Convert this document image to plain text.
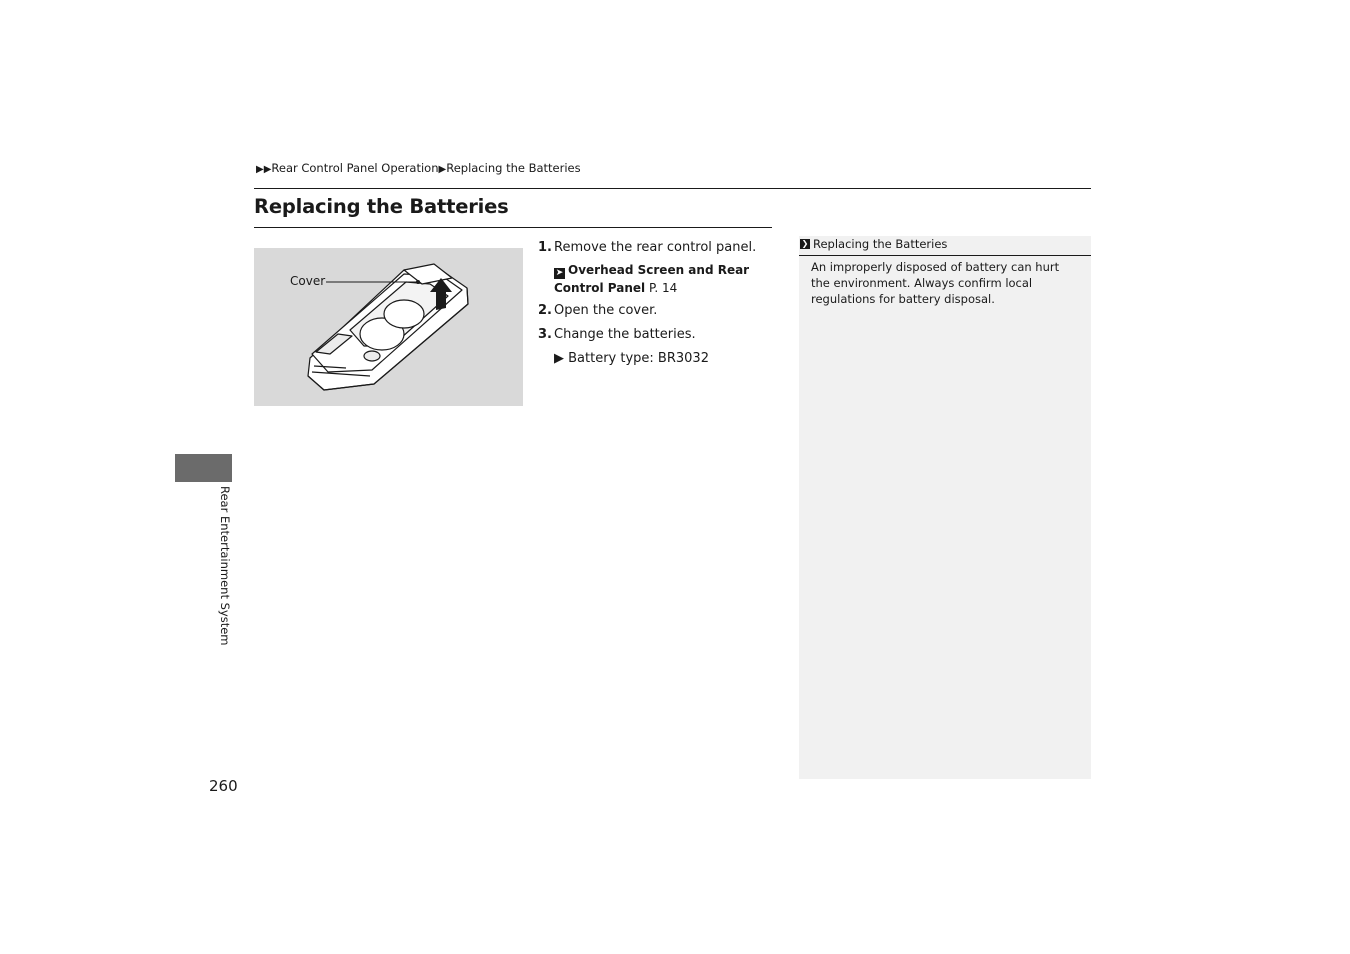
▶▶Rear Control Panel Operation▶Replacing the Batteries
Replacing the Batteries
Cover
1. Remove the rear control panel.
➤ Overhead Screen and Rear Control Panel P. 14
2. Open the cover.
3. Change the batteries.
▶ Battery type: BR3032
❯ Replacing the Batteries
An improperly disposed of battery can hurt the environment. Always confirm local regulations for battery disposal.
Rear Entertainment System
260
